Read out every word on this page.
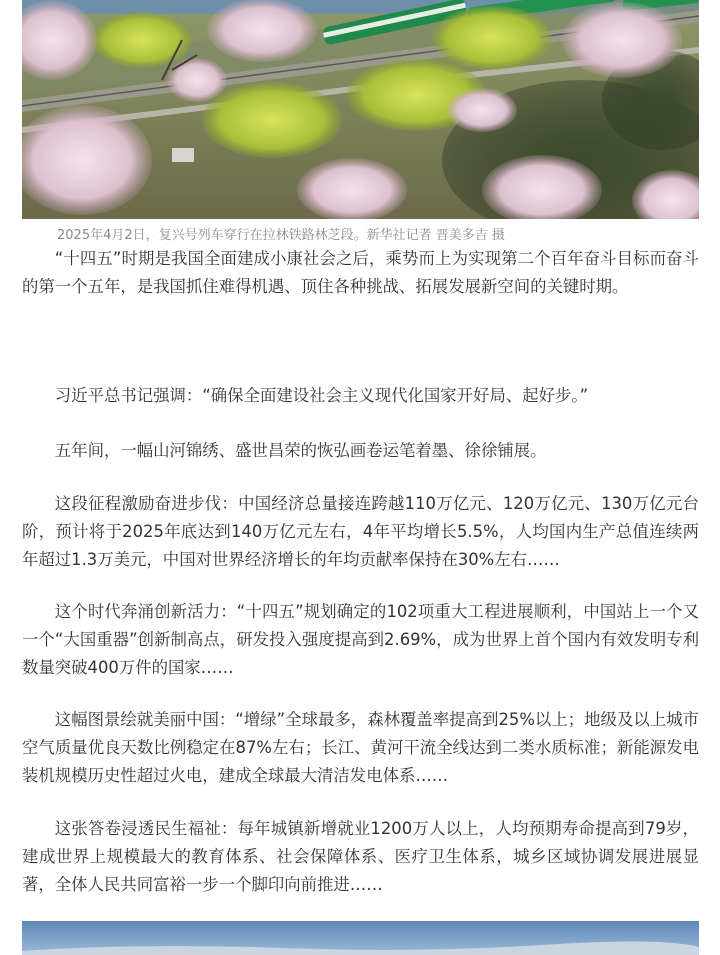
2025年4月2日，复兴号列车穿行在拉林铁路林芝段。新华社记者 晋美多吉 摄

“十四五”时期是我国全面建成小康社会之后，乘势而上为实现第二个百年奋斗目标而奋斗的第一个五年，是我国抓住难得机遇、顶住各种挑战、拓展发展新空间的关键时期。

习近平总书记强调：“确保全面建设社会主义现代化国家开好局、起好步。”

五年间，一幅山河锦绣、盛世昌荣的恢弘画卷运笔着墨、徐徐铺展。

这段征程激励奋进步伐：中国经济总量接连跨越110万亿元、120万亿元、130万亿元台阶，预计将于2025年底达到140万亿元左右，4年平均增长5.5%，人均国内生产总值连续两年超过1.3万美元，中国对世界经济增长的年均贡献率保持在30%左右……

这个时代奔涌创新活力：“十四五”规划确定的102项重大工程进展顺利，中国站上一个又一个“大国重器”创新制高点，研发投入强度提高到2.69%，成为世界上首个国内有效发明专利数量突破400万件的国家……

这幅图景绘就美丽中国：“增绿”全球最多，森林覆盖率提高到25%以上；地级及以上城市空气质量优良天数比例稳定在87%左右；长江、黄河干流全线达到二类水质标准；新能源发电装机规模历史性超过火电，建成全球最大清洁发电体系……

这张答卷浸透民生福祉：每年城镇新增就业1200万人以上，人均预期寿命提高到79岁，建成世界上规模最大的教育体系、社会保障体系、医疗卫生体系，城乡区域协调发展进展显著，全体人民共同富裕一步一个脚印向前推进……
